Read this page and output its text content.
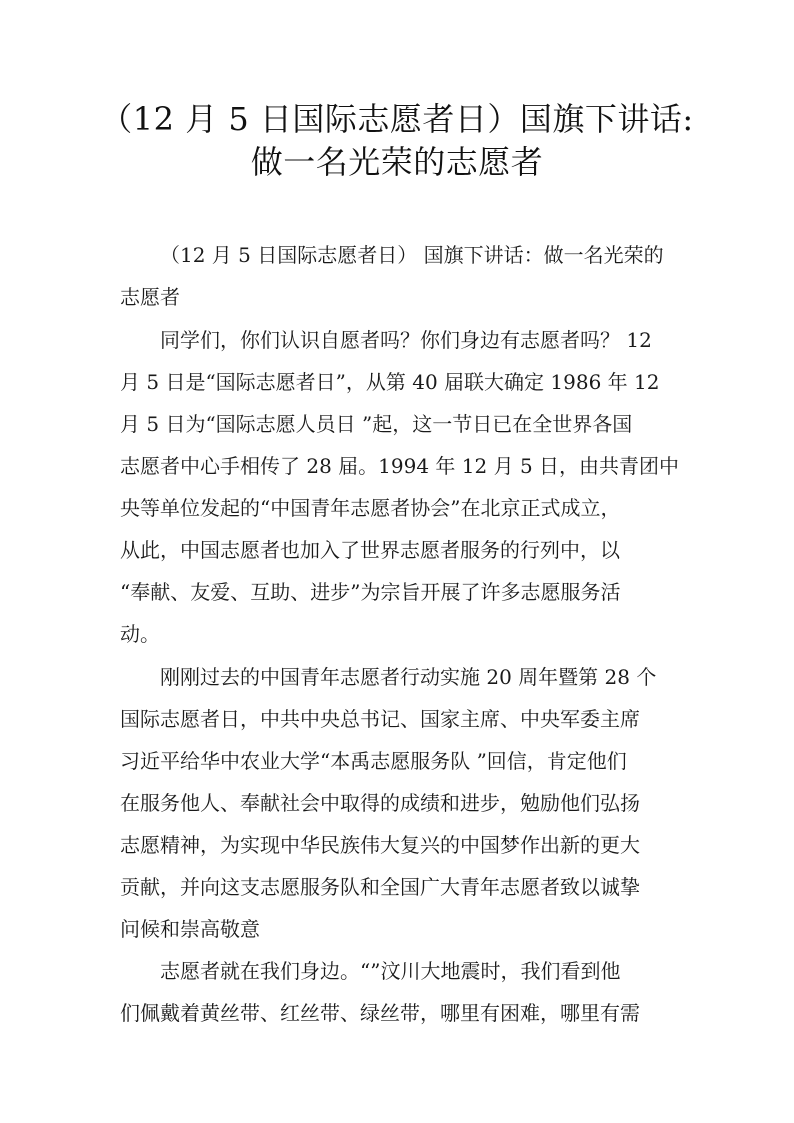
（12 月 5 日国际志愿者日）国旗下讲话:
做一名光荣的志愿者
（12 月 5 日国际志愿者日） 国旗下讲话：做一名光荣的
志愿者
同学们，你们认识自愿者吗？你们身边有志愿者吗？ 12
月 5 日是“国际志愿者日”，从第 40 届联大确定 1986 年 12
月 5 日为“国际志愿人员日 ”起，这一节日已在全世界各国
志愿者中心手相传了 28 届。1994 年 12 月 5 日，由共青团中
央等单位发起的“中国青年志愿者协会”在北京正式成立，
从此，中国志愿者也加入了世界志愿者服务的行列中，以
“奉献、友爱、互助、进步”为宗旨开展了许多志愿服务活
动。
刚刚过去的中国青年志愿者行动实施 20 周年暨第 28 个
国际志愿者日，中共中央总书记、国家主席、中央军委主席
习近平给华中农业大学“本禹志愿服务队 ”回信，肯定他们
在服务他人、奉献社会中取得的成绩和进步，勉励他们弘扬
志愿精神，为实现中华民族伟大复兴的中国梦作出新的更大
贡献，并向这支志愿服务队和全国广大青年志愿者致以诚挚
问候和崇高敬意
志愿者就在我们身边。“”汶川大地震时，我们看到他
们佩戴着黄丝带、红丝带、绿丝带，哪里有困难，哪里有需
